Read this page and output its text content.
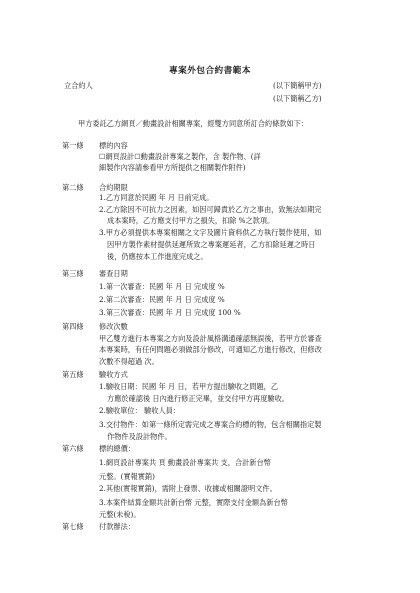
專案外包合約書範本
立合約人	(以下簡稱甲方)
(以下簡稱乙方)
甲方委託乙方網頁／動畫設計相關專案，經雙方同意所訂合約條款如下：
第一條 標的內容
☐網頁設計☐動畫設計專案之製作，含 製作物、(詳
細製作內容請參看甲方所提供之相關製作附件)
第二條 合約期限
1.乙方同意於民國 年 月 日前完成。
2.乙方除因不可抗力之因素，如因可歸責於乙方之事由，致無法如期完
成本案時，乙方應支付甲方之損失，扣除 %之款項。
3.甲方必須提供本專案相關之文字及圖片資料供乙方執行製作使用，如
因甲方製作素材提供延遲所致之專案遲延者，乙方扣除延遲之時日
後，仍應按本工作進度完成之。
第三條 審查日期
1.第一次審查：民國 年 月 日 完成度 %
2.第二次審查：民國 年 月 日 完成度 %
3.第三次審查：民國 年 月 日 完成度 100 %
第四條 修改次數
甲乙雙方進行本專案之方向及設計風格溝通確認無誤後，若甲方於審查
本專案時，有任何問題必須做部分修改，可通知乙方進行修改，但修改
次數不得超過 次。
第五條 驗收方式
1.驗收日期：民國 年 月 日，若甲方提出驗收之問題，乙
方應於確認後 日內進行修正完畢，並交付甲方再度驗收。
2.驗收單位： 驗收人員：
3.交付物件：如第一條所定需完成之專案合約標的物，包含相關指定製
作物件及設計物件。
第六條 標的總價：
1.網頁設計專案共 頁 動畫設計專案共 支，合計新台幣
元整。(實報實銷)
2.其他(實報實銷)，需附上發票、收據或相關證明文件。
3.本案件結算金額共計新台幣 元整，實際支付金額為新台幣
元整(未稅)。
第七條 付款辦法：
